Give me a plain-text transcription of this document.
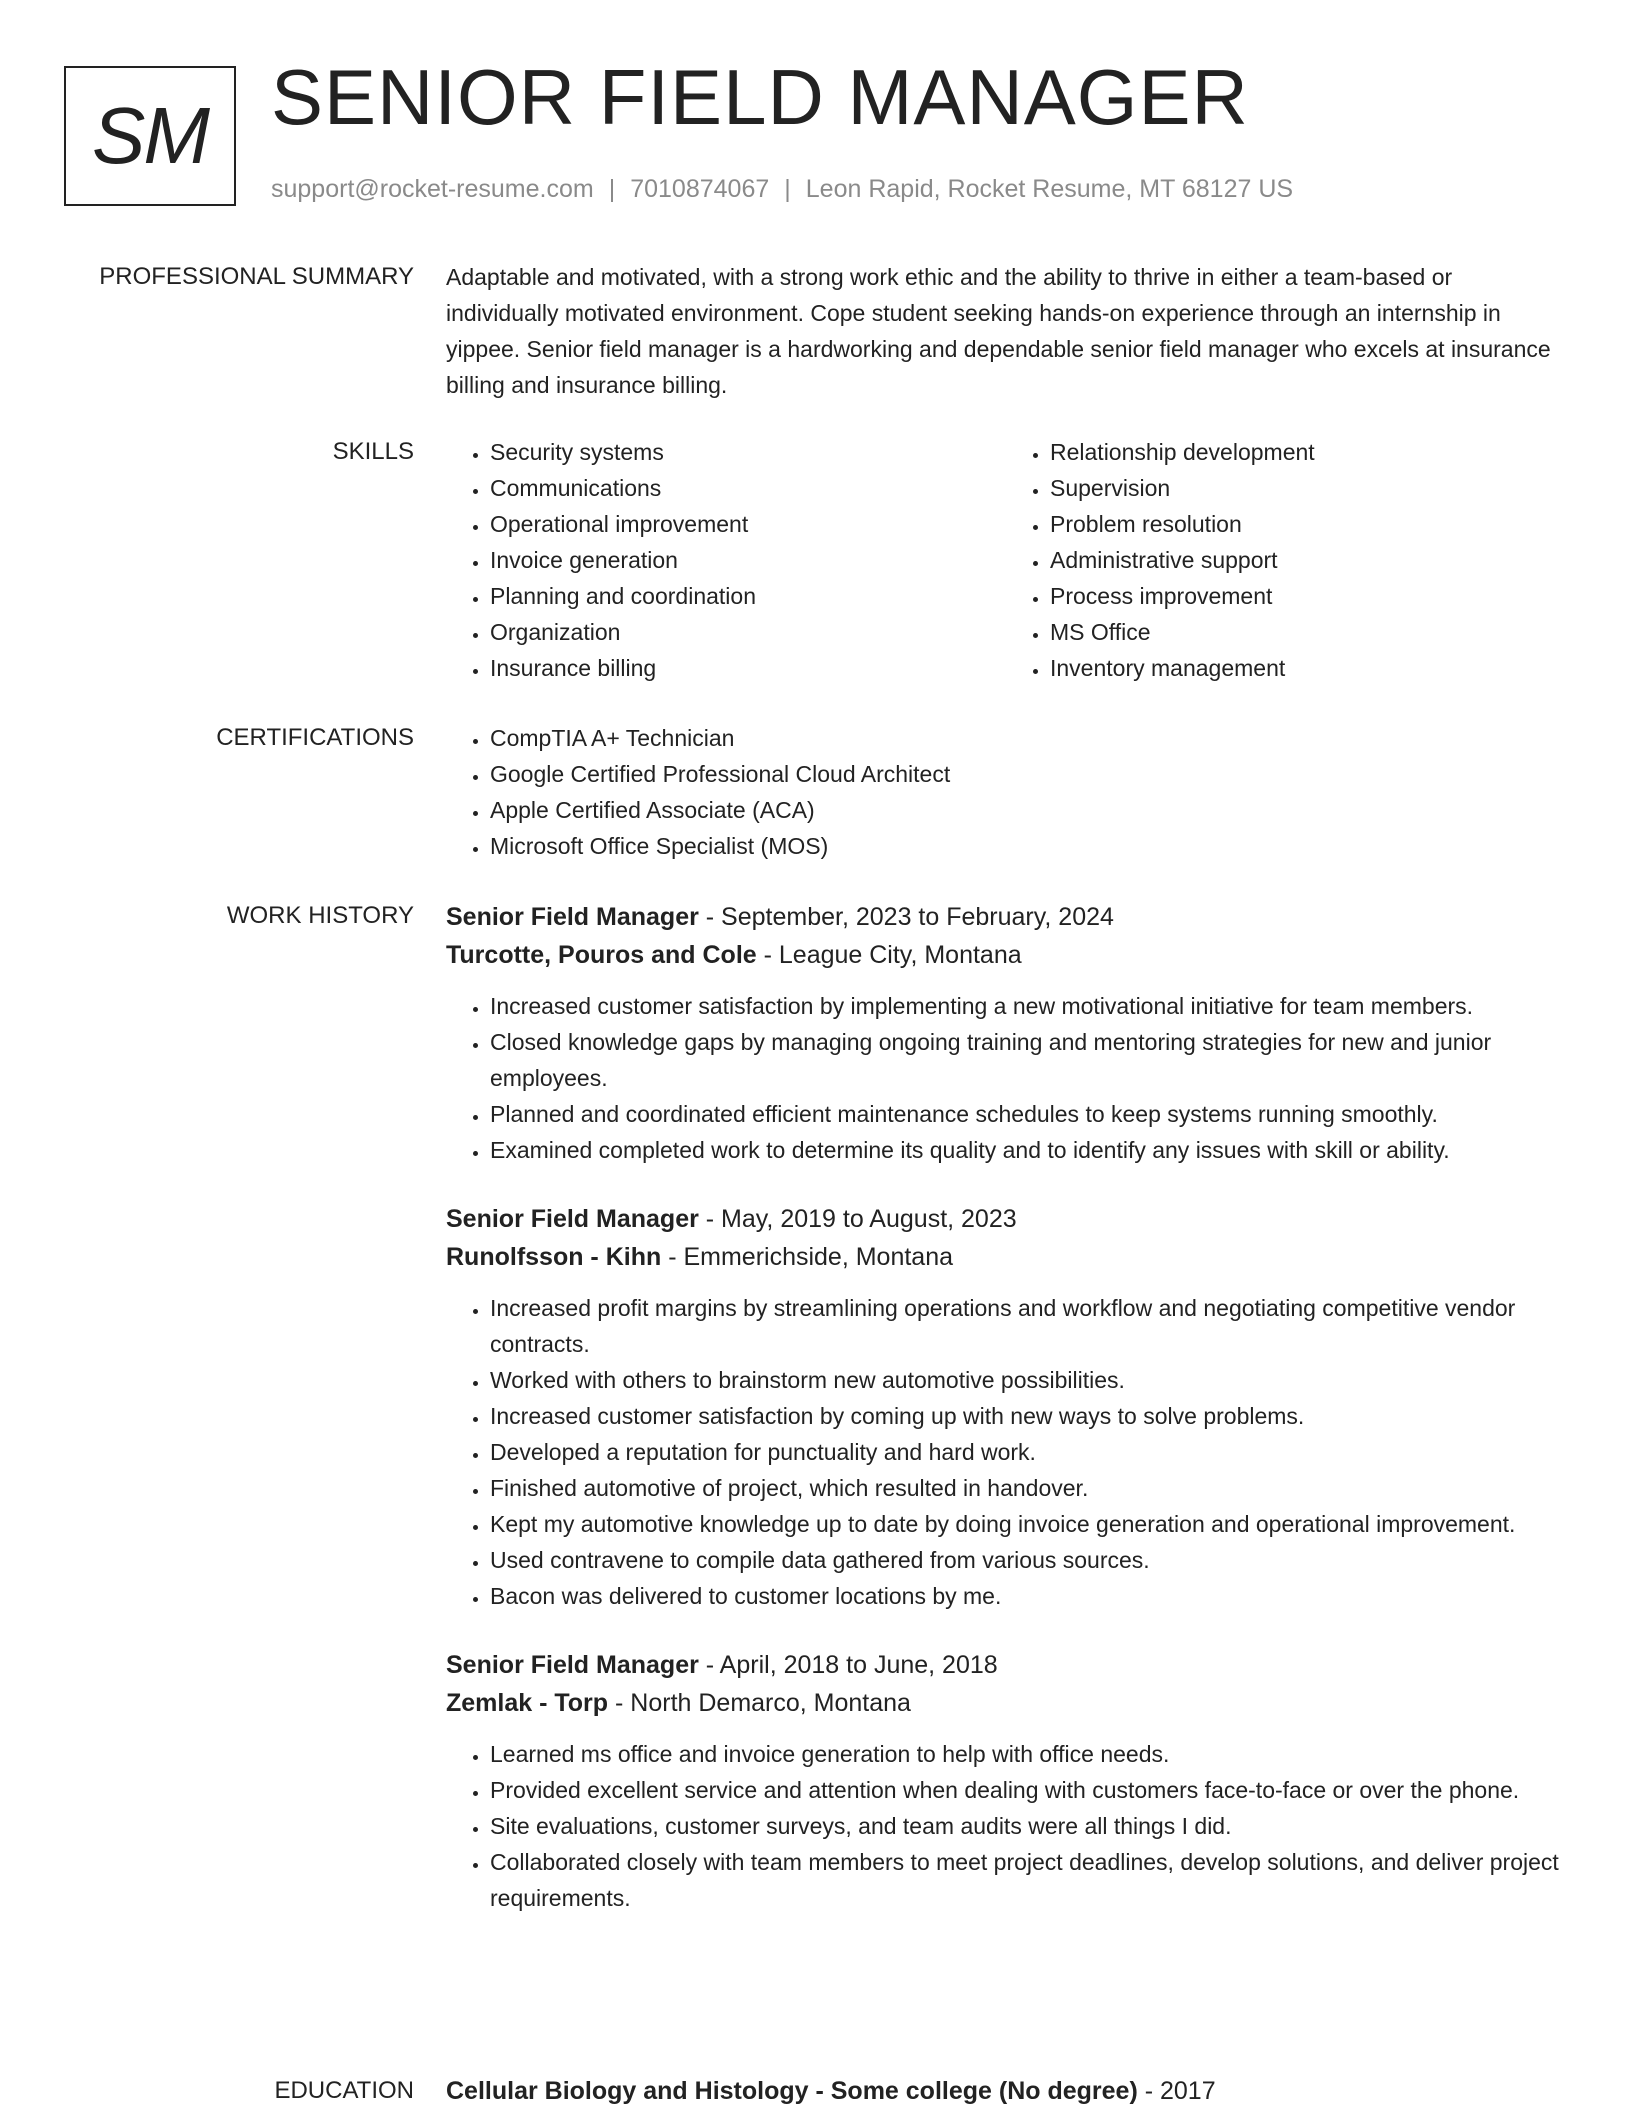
SM SENIOR FIELD MANAGER
support@rocket-resume.com | 7010874067 | Leon Rapid, Rocket Resume, MT 68127 US
PROFESSIONAL SUMMARY Adaptable and motivated, with a strong work ethic and the ability to thrive in either a team-based or individually motivated environment. Cope student seeking hands-on experience through an internship in yippee. Senior field manager is a hardworking and dependable senior field manager who excels at insurance billing and insurance billing.

SKILLS	• Security systems
• Communications
• Operational improvement
• Invoice generation
• Planning and coordination
• Organization
• Insurance billing
• Relationship development
• Supervision
• Problem resolution
• Administrative support
• Process improvement
• MS Office
• Inventory management
CERTIFICATIONS	• CompTIA A+ Technician
• Google Certified Professional Cloud Architect
• Apple Certified Associate (ACA)
• Microsoft Office Specialist (MOS)
WORK HISTORY Senior Field Manager - September, 2023 to February, 2024
Turcotte, Pouros and Cole - League City, Montana
• Increased customer satisfaction by implementing a new motivational initiative for team members.
• Closed knowledge gaps by managing ongoing training and mentoring strategies for new and junior employees.
• Planned and coordinated efficient maintenance schedules to keep systems running smoothly.
• Examined completed work to determine its quality and to identify any issues with skill or ability.
Senior Field Manager - May, 2019 to August, 2023
Runolfsson - Kihn - Emmerichside, Montana
• Increased profit margins by streamlining operations and workflow and negotiating competitive vendor contracts.
• Worked with others to brainstorm new automotive possibilities.
• Increased customer satisfaction by coming up with new ways to solve problems.
• Developed a reputation for punctuality and hard work.
• Finished automotive of project, which resulted in handover.
• Kept my automotive knowledge up to date by doing invoice generation and operational improvement.
• Used contravene to compile data gathered from various sources.
• Bacon was delivered to customer locations by me.
Senior Field Manager - April, 2018 to June, 2018
Zemlak - Torp - North Demarco, Montana
• Learned ms office and invoice generation to help with office needs.
• Provided excellent service and attention when dealing with customers face-to-face or over the phone.
• Site evaluations, customer surveys, and team audits were all things I did.
• Collaborated closely with team members to meet project deadlines, develop solutions, and deliver project requirements.
EDUCATION Cellular Biology and Histology - Some college (No degree) - 2017
